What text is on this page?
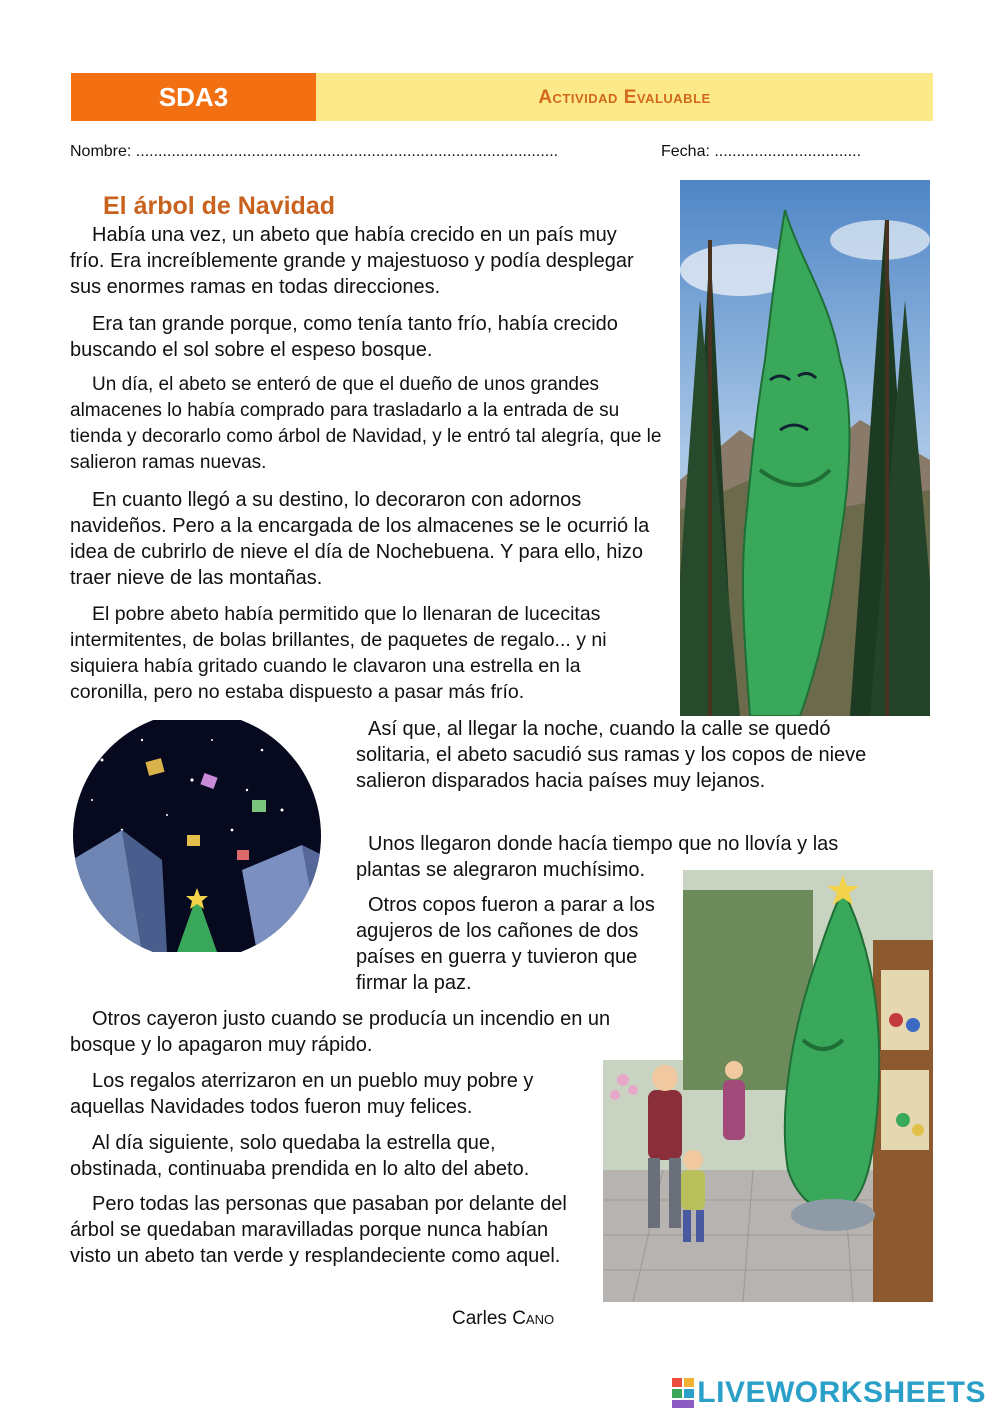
SDA3	Actividad Evaluable
Nombre: ...............................................................................................	Fecha: .................................
El árbol de Navidad

Había una vez, un abeto que había crecido en un país muy frío. Era increíblemente grande y majestuoso y podía desplegar sus enormes ramas en todas direcciones.

Era tan grande porque, como tenía tanto frío, había crecido buscando el sol sobre el espeso bosque.

Un día, el abeto se enteró de que el dueño de unos grandes almacenes lo había comprado para trasladarlo a la entrada de su tienda y decorarlo como árbol de Navidad, y le entró tal alegría, que le salieron ramas nuevas.

En cuanto llegó a su destino, lo decoraron con adornos navideños. Pero a la encargada de los almacenes se le ocurrió la idea de cubrirlo de nieve el día de Nochebuena. Y para ello, hizo traer nieve de las montañas.

El pobre abeto había permitido que lo llenaran de lucecitas intermitentes, de bolas brillantes, de paquetes de regalo... y ni siquiera había gritado cuando le clavaron una estrella en la coronilla, pero no estaba dispuesto a pasar más frío.

Así que, al llegar la noche, cuando la calle se quedó solitaria, el abeto sacudió sus ramas y los copos de nieve salieron disparados hacia países muy lejanos.

Unos llegaron donde hacía tiempo que no llovía y las plantas se alegraron muchísimo.

Otros copos fueron a parar a los agujeros de los cañones de dos países en guerra y tuvieron que firmar la paz.

Otros cayeron justo cuando se producía un incendio en un bosque y lo apagaron muy rápido.

Los regalos aterrizaron en un pueblo muy pobre y aquellas Navidades todos fueron muy felices.

Al día siguiente, solo quedaba la estrella que, obstinada, continuaba prendida en lo alto del abeto.

Pero todas las personas que pasaban por delante del árbol se quedaban maravilladas porque nunca habían visto un abeto tan verde y resplandeciente como aquel.

Carles Cano
LIVEWORKSHEETS
